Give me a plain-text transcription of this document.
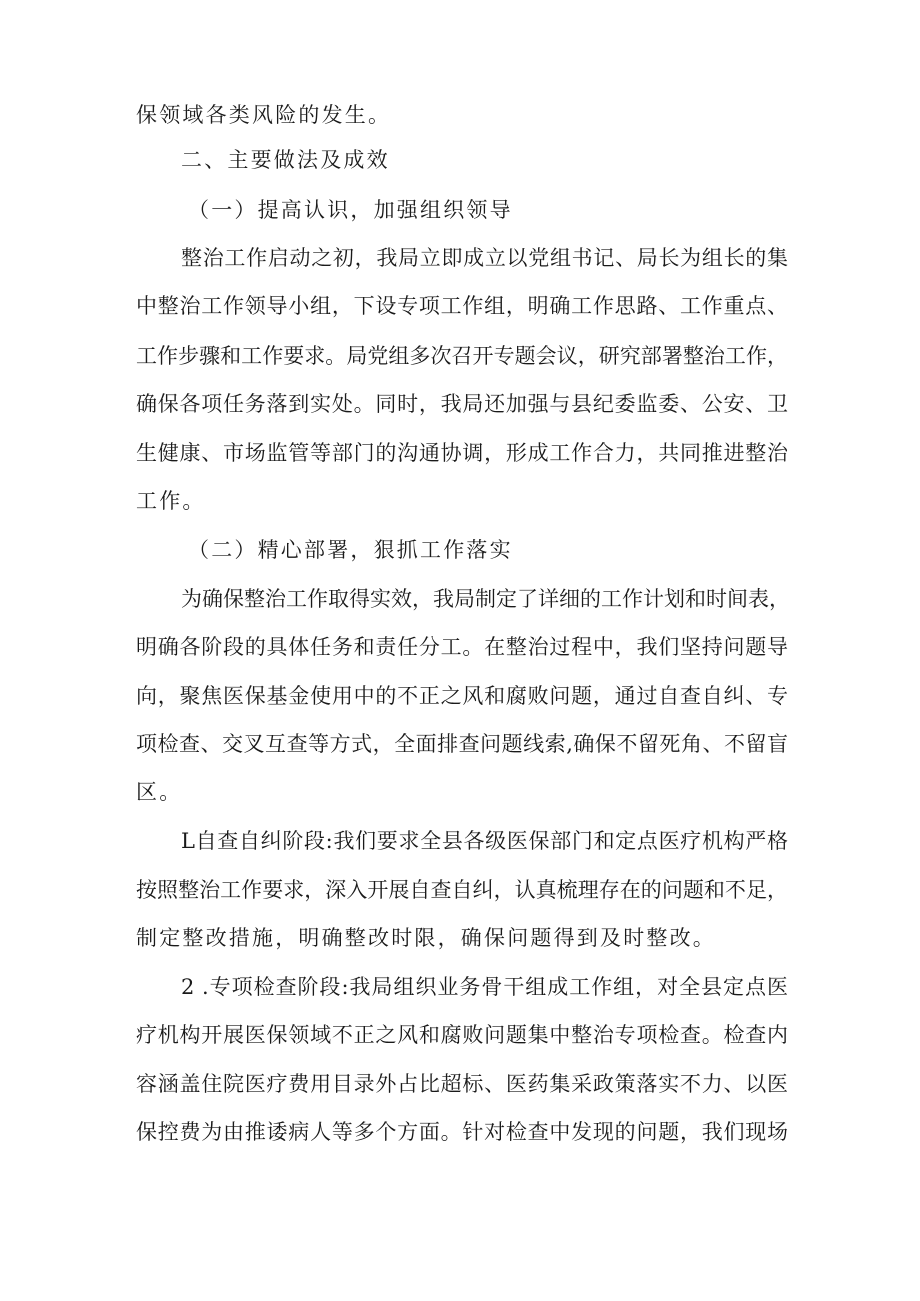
保领域各类风险的发生。
二、主要做法及成效
（一）提高认识，加强组织领导
整治工作启动之初，我局立即成立以党组书记、局长为组长的集
中整治工作领导小组，下设专项工作组，明确工作思路、工作重点、
工作步骤和工作要求。局党组多次召开专题会议，研究部署整治工作，
确保各项任务落到实处。同时，我局还加强与县纪委监委、公安、卫
生健康、市场监管等部门的沟通协调，形成工作合力，共同推进整治
工作。
（二）精心部署，狠抓工作落实
为确保整治工作取得实效，我局制定了详细的工作计划和时间表，
明确各阶段的具体任务和责任分工。在整治过程中，我们坚持问题导
向，聚焦医保基金使用中的不正之风和腐败问题，通过自查自纠、专
项检查、交叉互查等方式，全面排查问题线索,确保不留死角、不留盲
区。
L自查自纠阶段:我们要求全县各级医保部门和定点医疗机构严格
按照整治工作要求，深入开展自查自纠，认真梳理存在的问题和不足，
制定整改措施，明确整改时限，确保问题得到及时整改。
2 .专项检查阶段:我局组织业务骨干组成工作组，对全县定点医
疗机构开展医保领域不正之风和腐败问题集中整治专项检查。检查内
容涵盖住院医疗费用目录外占比超标、医药集采政策落实不力、以医
保控费为由推诿病人等多个方面。针对检查中发现的问题，我们现场
